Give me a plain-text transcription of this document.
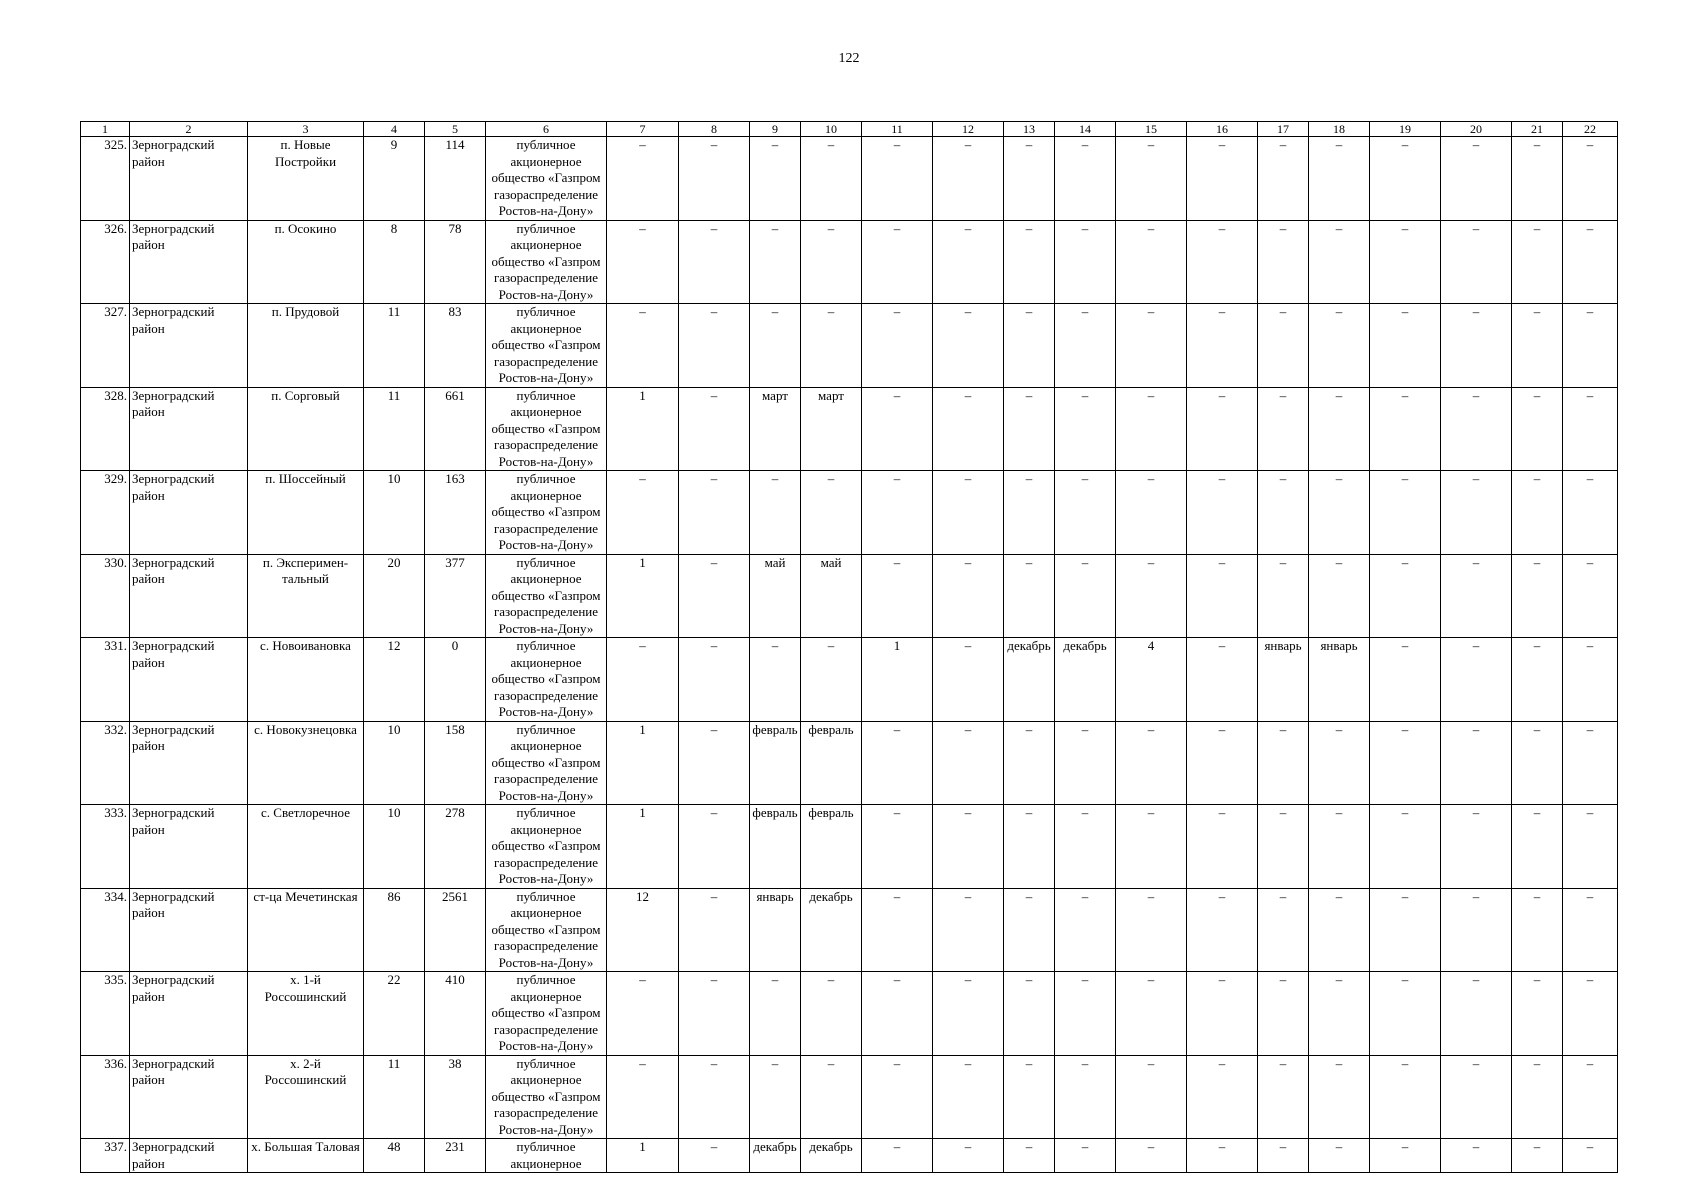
122
1	2	3	4	5	6	7	8	9	10	11	12	13	14	15	16	17	18	19	20	21	22
325.	Зерноградский район	п. Новые Постройки	9	114	публичное акционерное общество «Газпром газораспределение Ростов-на-Дону»	–	–	–	–	–	–	–	–	–	–	–	–	–	–	–	–
326.	Зерноградский район	п. Осокино	8	78	публичное акционерное общество «Газпром газораспределение Ростов-на-Дону»	–	–	–	–	–	–	–	–	–	–	–	–	–	–	–	–
327.	Зерноградский район	п. Прудовой	11	83	публичное акционерное общество «Газпром газораспределение Ростов-на-Дону»	–	–	–	–	–	–	–	–	–	–	–	–	–	–	–	–
328.	Зерноградский район	п. Сорговый	11	661	публичное акционерное общество «Газпром газораспределение Ростов-на-Дону»	1	–	март	март	–	–	–	–	–	–	–	–	–	–	–	–
329.	Зерноградский район	п. Шоссейный	10	163	публичное акционерное общество «Газпром газораспределение Ростов-на-Дону»	–	–	–	–	–	–	–	–	–	–	–	–	–	–	–	–
330.	Зерноградский район	п. Эксперимен-тальный	20	377	публичное акционерное общество «Газпром газораспределение Ростов-на-Дону»	1	–	май	май	–	–	–	–	–	–	–	–	–	–	–	–
331.	Зерноградский район	с. Новоивановка	12	0	публичное акционерное общество «Газпром газораспределение Ростов-на-Дону»	–	–	–	–	1	–	декабрь	декабрь	4	–	январь	январь	–	–	–	–
332.	Зерноградский район	с. Новокузнецовка	10	158	публичное акционерное общество «Газпром газораспределение Ростов-на-Дону»	1	–	февраль	февраль	–	–	–	–	–	–	–	–	–	–	–	–
333.	Зерноградский район	с. Светлоречное	10	278	публичное акционерное общество «Газпром газораспределение Ростов-на-Дону»	1	–	февраль	февраль	–	–	–	–	–	–	–	–	–	–	–	–
334.	Зерноградский район	ст-ца Мечетинская	86	2561	публичное акционерное общество «Газпром газораспределение Ростов-на-Дону»	12	–	январь	декабрь	–	–	–	–	–	–	–	–	–	–	–	–
335.	Зерноградский район	х. 1-й Россошинский	22	410	публичное акционерное общество «Газпром газораспределение Ростов-на-Дону»	–	–	–	–	–	–	–	–	–	–	–	–	–	–	–	–
336.	Зерноградский район	х. 2-й Россошинский	11	38	публичное акционерное общество «Газпром газораспределение Ростов-на-Дону»	–	–	–	–	–	–	–	–	–	–	–	–	–	–	–	–
337.	Зерноградский район	х. Большая Таловая	48	231	публичное акционерное	1	–	декабрь	декабрь	–	–	–	–	–	–	–	–	–	–	–	–
